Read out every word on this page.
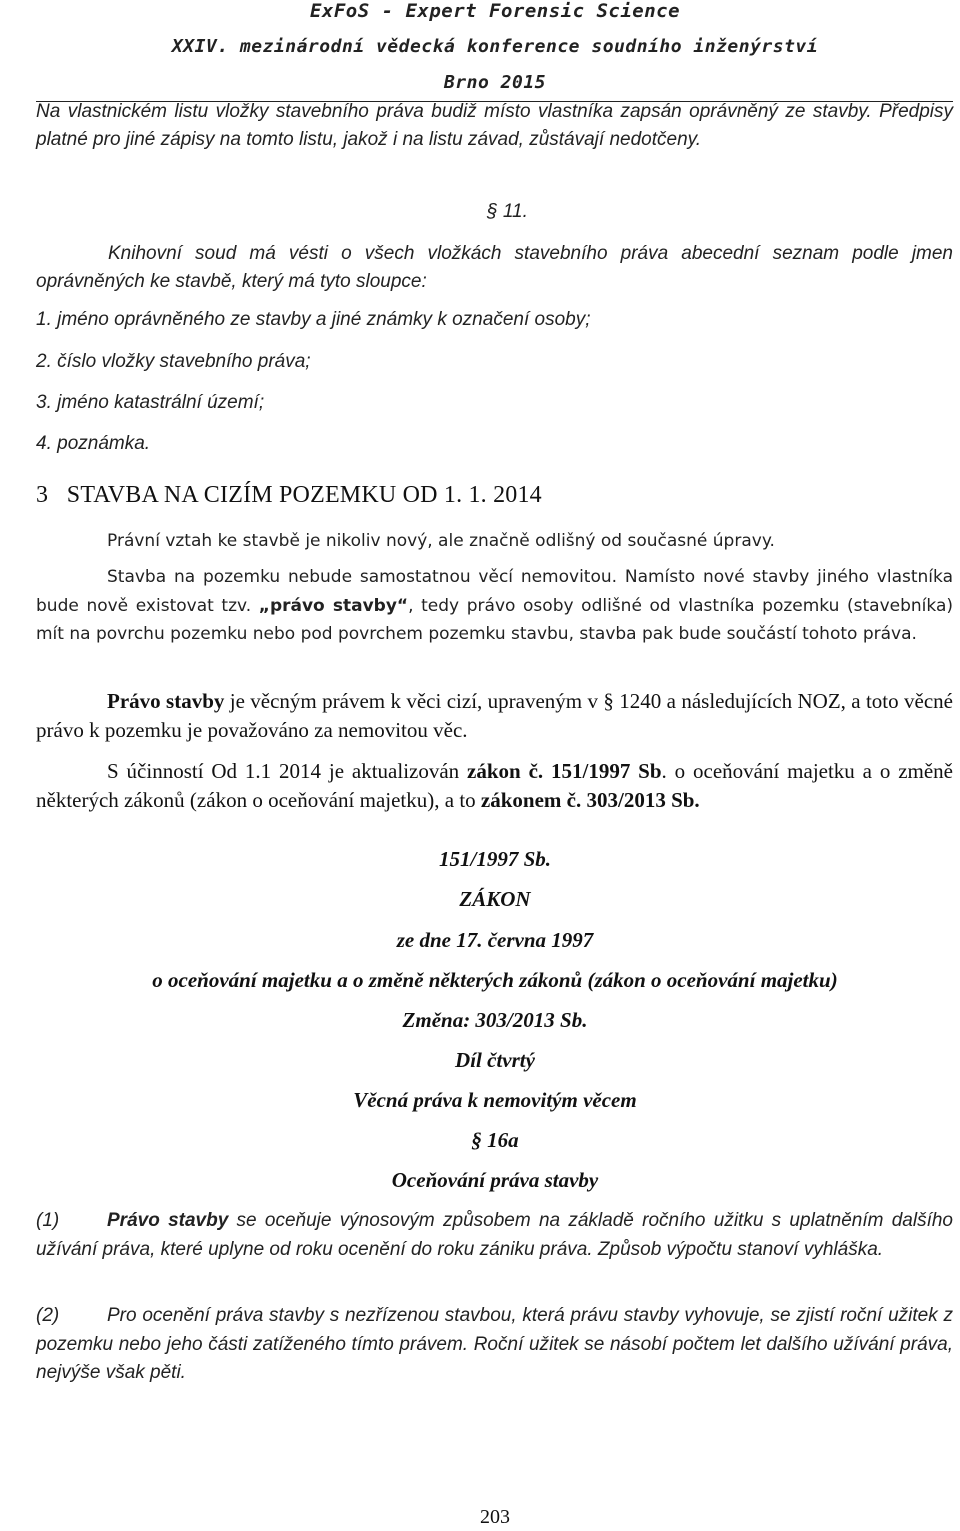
ExFoS - Expert Forensic Science
XXIV. mezinárodní vědecká konference soudního inženýrství
Brno 2015
Na vlastnickém listu vložky stavebního práva budiž místo vlastníka zapsán oprávněný ze stavby. Předpisy platné pro jiné zápisy na tomto listu, jakož i na listu závad, zůstávají nedotčeny.
§ 11.
Knihovní soud má vésti o všech vložkách stavebního práva abecední seznam podle jmen oprávněných ke stavbě, který má tyto sloupce:
1. jméno oprávněného ze stavby a jiné známky k označení osoby;
2. číslo vložky stavebního práva;
3. jméno katastrální území;
4. poznámka.
3   STAVBA NA CIZÍM POZEMKU OD 1. 1. 2014
Právní vztah ke stavbě je nikoliv nový, ale značně odlišný od současné úpravy.
Stavba na pozemku nebude samostatnou věcí nemovitou. Namísto nové stavby jiného vlastníka bude nově existovat tzv. „právo stavby“, tedy právo osoby odlišné od vlastníka pozemku (stavebníka) mít na povrchu pozemku nebo pod povrchem pozemku stavbu, stavba pak bude součástí tohoto práva.
Právo stavby je věcným právem k věci cizí, upraveným v § 1240 a následujících NOZ, a toto věcné právo k pozemku je považováno za nemovitou věc.
S účinností Od 1.1 2014 je aktualizován zákon č. 151/1997 Sb. o oceňování majetku a o změně některých zákonů (zákon o oceňování majetku), a to zákonem č. 303/2013 Sb.
151/1997 Sb.
ZÁKON
ze dne 17. června 1997
o oceňování majetku a o změně některých zákonů (zákon o oceňování majetku)
Změna: 303/2013 Sb.
Díl čtvrtý
Věcná práva k nemovitým věcem
§ 16a
Oceňování práva stavby
(1)	Právo stavby se oceňuje výnosovým způsobem na základě ročního užitku s uplatněním dalšího užívání práva, které uplyne od roku ocenění do roku zániku práva. Způsob výpočtu stanoví vyhláška.
(2)	Pro ocenění práva stavby s nezřízenou stavbou, která právu stavby vyhovuje, se zjistí roční užitek z pozemku nebo jeho části zatíženého tímto právem. Roční užitek se násobí počtem let dalšího užívání práva, nejvýše však pěti.
203
